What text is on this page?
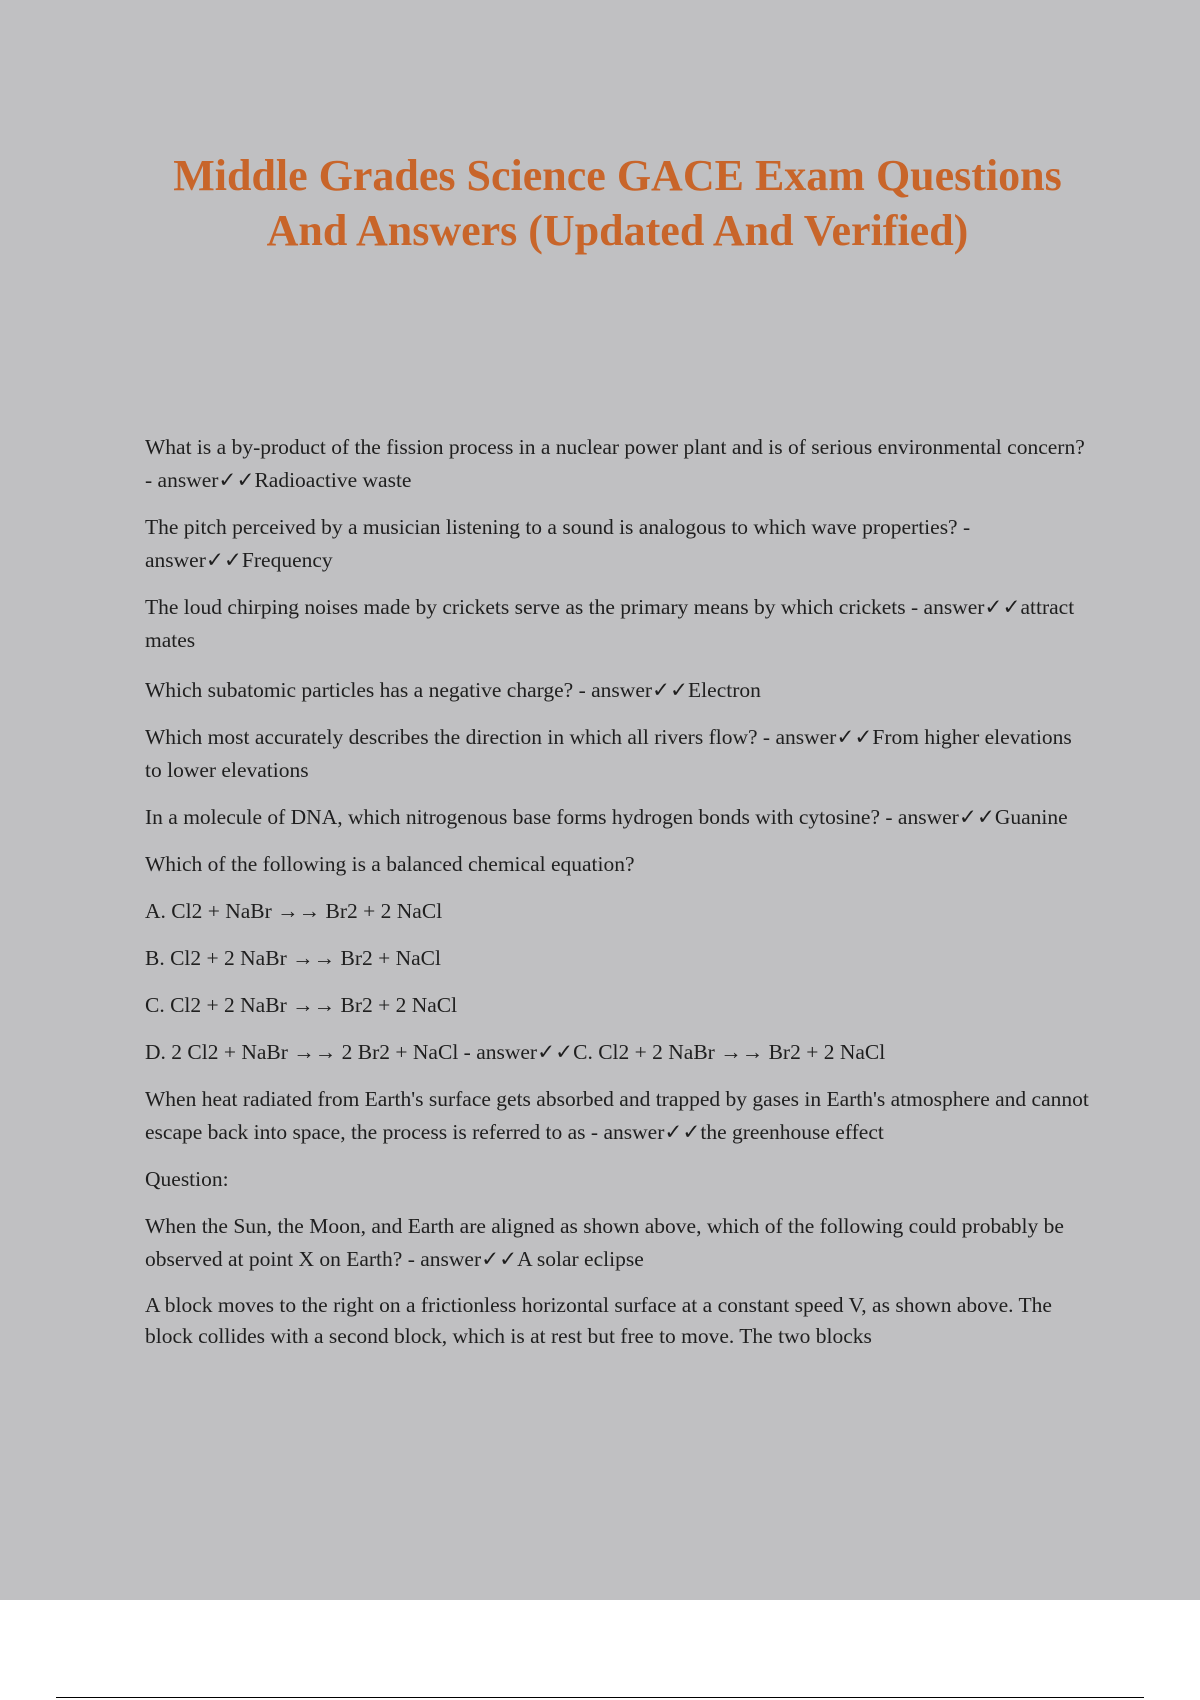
Middle Grades Science GACE Exam Questions And Answers (Updated And Verified)

What is a by-product of the fission process in a nuclear power plant and is of serious environmental concern? - answer✓✓Radioactive waste

The pitch perceived by a musician listening to a sound is analogous to which wave properties? - answer✓✓Frequency

The loud chirping noises made by crickets serve as the primary means by which crickets - answer✓✓attract mates

Which subatomic particles has a negative charge? - answer✓✓Electron

Which most accurately describes the direction in which all rivers flow? - answer✓✓From higher elevations to lower elevations

In a molecule of DNA, which nitrogenous base forms hydrogen bonds with cytosine? - answer✓✓Guanine

Which of the following is a balanced chemical equation?

A. Cl2 + NaBr →→ Br2 + 2 NaCl

B. Cl2 + 2 NaBr →→ Br2 + NaCl

C. Cl2 + 2 NaBr →→ Br2 + 2 NaCl

D. 2 Cl2 + NaBr →→ 2 Br2 + NaCl - answer✓✓C. Cl2 + 2 NaBr →→ Br2 + 2 NaCl

When heat radiated from Earth's surface gets absorbed and trapped by gases in Earth's atmosphere and cannot escape back into space, the process is referred to as - answer✓✓the greenhouse effect

Question:

When the Sun, the Moon, and Earth are aligned as shown above, which of the following could probably be observed at point X on Earth? - answer✓✓A solar eclipse

A block moves to the right on a frictionless horizontal surface at a constant speed V, as shown above. The block collides with a second block, which is at rest but free to move. The two blocks
